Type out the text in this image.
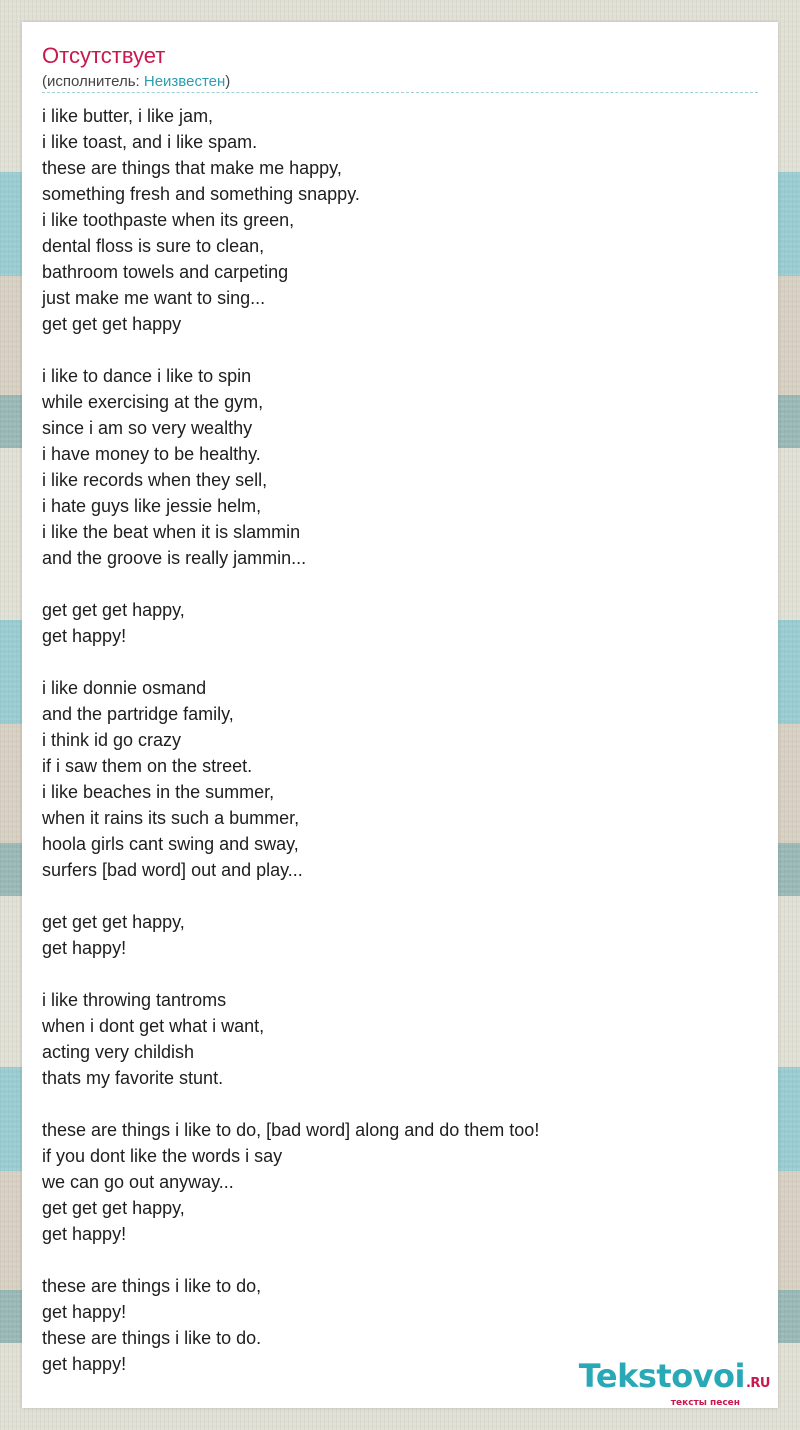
Отсутствует
(исполнитель: Неизвестен)
i like butter, i like jam,
i like toast, and i like spam.
these are things that make me happy,
something fresh and something snappy.
i like toothpaste when its green,
dental floss is sure to clean,
bathroom towels and carpeting
just make me want to sing...
get get get happy
i like to dance i like to spin
while exercising at the gym,
since i am so very wealthy
i have money to be healthy.
i like records when they sell,
i hate guys like jessie helm,
i like the beat when it is slammin
and the groove is really jammin...
get get get happy,
get happy!
i like donnie osmand
and the partridge family,
i think id go crazy
if i saw them on the street.
i like beaches in the summer,
when it rains its such a bummer,
hoola girls cant swing and sway,
surfers [bad word] out and play...
get get get happy,
get happy!
i like throwing tantroms
when i dont get what i want,
acting very childish
thats my favorite stunt.
these are things i like to do, [bad word] along and do them too!
if you dont like the words i say
we can go out anyway...
get get get happy,
get happy!
these are things i like to do,
get happy!
these are things i like to do.
get happy!	Tekstovoi.RU
тексты песен
